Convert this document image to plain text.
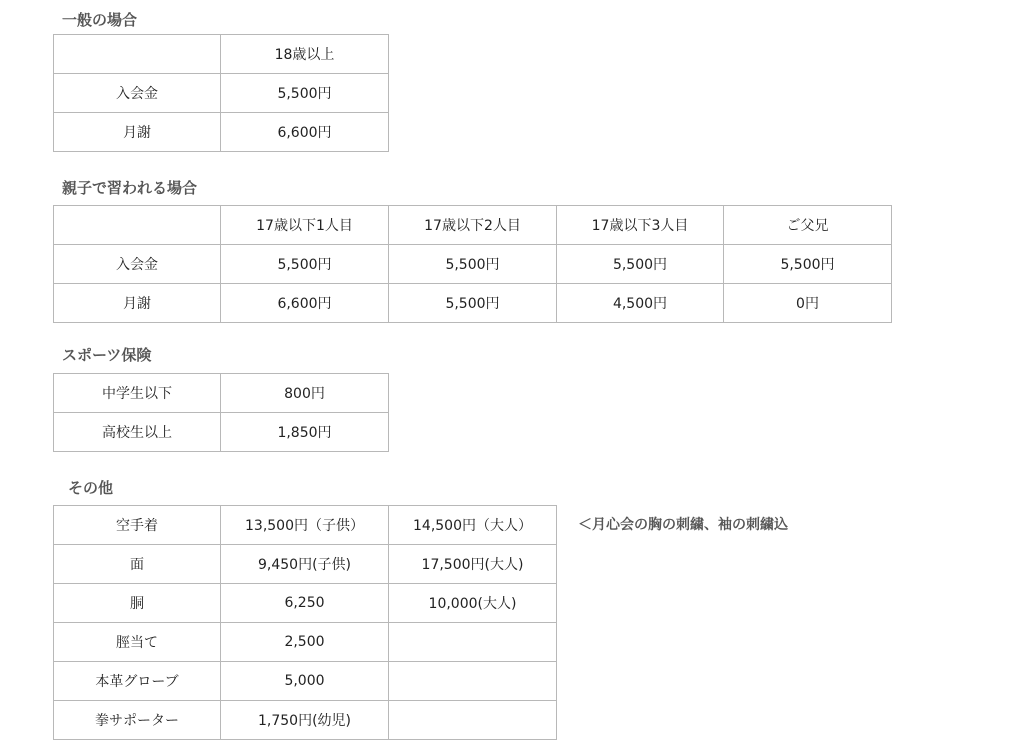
一般の場合
	18歳以上
入会金	5,500円
月謝	6,600円
親子で習われる場合
	17歳以下1人目	17歳以下2人目	17歳以下3人目	ご父兄
入会金	5,500円	5,500円	5,500円	5,500円
月謝	6,600円	5,500円	4,500円	0円
スポーツ保険
中学生以下	800円
高校生以上	1,850円
その他
空手着	13,500円（子供）	14,500円（大人）
面	9,450円(子供)	17,500円(大人)
胴	6,250	10,000(大人)
脛当て	2,500	
本革グローブ	5,000	
拳サポーター	1,750円(幼児)	
＜月心会の胸の刺繍、袖の刺繍込
